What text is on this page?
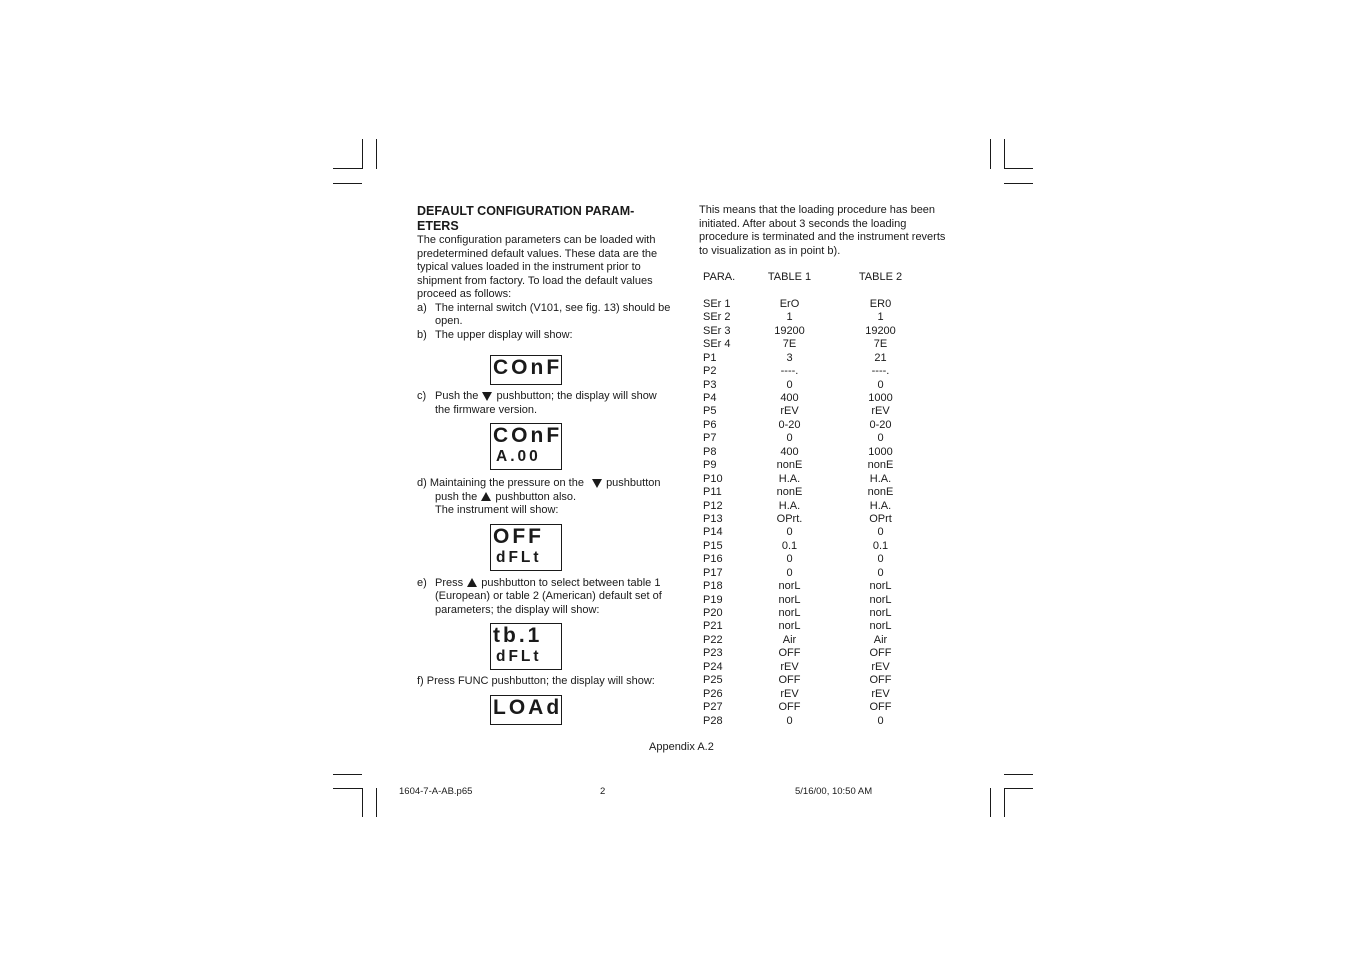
DEFAULT CONFIGURATION PARAM-
ETERS

The configuration parameters can be loaded with predetermined default values. These data are the typical values loaded in the instrument prior to shipment from factory. To load the default values proceed as follows:

a) The internal switch (V101, see fig. 13) should be open.
b) The upper display will show:
COnF
c) Push the pushbutton; the display will show the firmware version.
COnF
A.00
d) Maintaining the pressure on the pushbutton
push the pushbutton also.
The instrument will show:
OFF
dFLt
e) Press pushbutton to select between table 1 (European) or table 2 (American) default set of parameters; the display will show:
tb.1
dFLt

f) Press FUNC pushbutton; the display will show:

LOAd

This means that the loading procedure has been initiated. After about 3 seconds the loading procedure is terminated and the instrument reverts to visualization as in point b).

PARA.	TABLE 1	TABLE 2
SEr 1	ErO	ER0
SEr 2	1	1
SEr 3	19200	19200
SEr 4	7E	7E
P1	3	21
P2	----.	----.
P3	0	0
P4	400	1000
P5	rEV	rEV
P6	0-20	0-20
P7	0	0
P8	400	1000
P9	nonE	nonE
P10	H.A.	H.A.
P11	nonE	nonE
P12	H.A.	H.A.
P13	OPrt.	OPrt
P14	0	0
P15	0.1	0.1
P16	0	0
P17	0	0
P18	norL	norL
P19	norL	norL
P20	norL	norL
P21	norL	norL
P22	Air	Air
P23	OFF	OFF
P24	rEV	rEV
P25	OFF	OFF
P26	rEV	rEV
P27	OFF	OFF
P28	0	0
Appendix A.2
1604-7-A-AB.p65	2	5/16/00, 10:50 AM
